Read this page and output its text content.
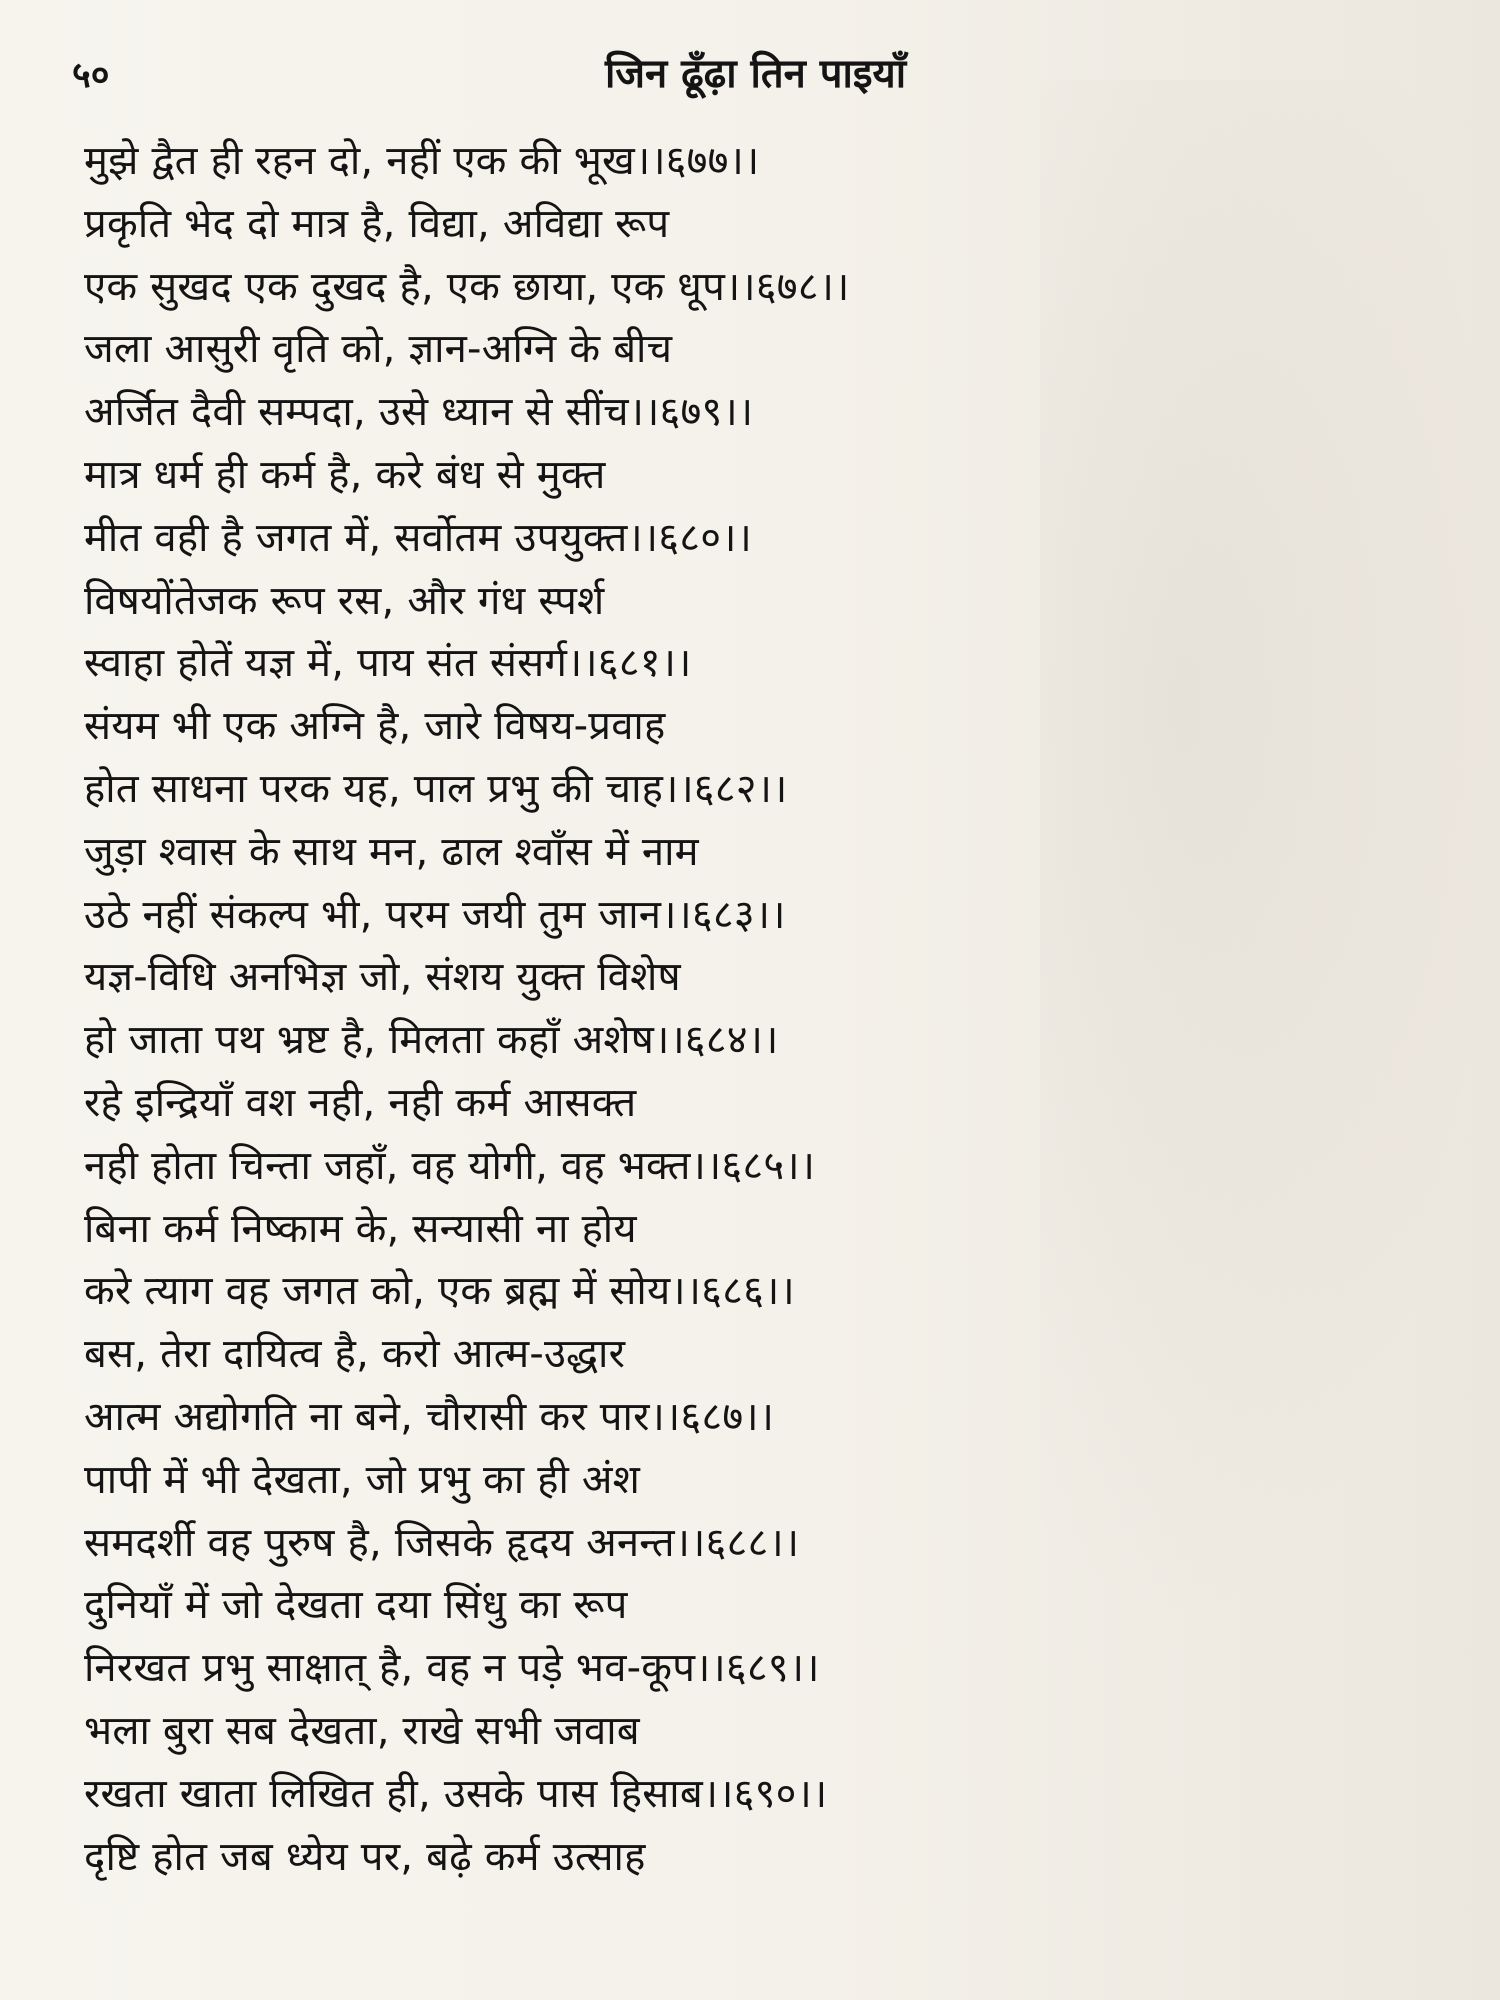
५०	जिन ढूँढ़ा तिन पाइयाँ
मुझे द्वैत ही रहन दो, नहीं एक की भूख।।६७७।।
प्रकृति भेद दो मात्र है, विद्या, अविद्या रूप
एक सुखद एक दुखद है, एक छाया, एक धूप।।६७८।।
जला आसुरी वृति को, ज्ञान-अग्नि के बीच
अर्जित दैवी सम्पदा, उसे ध्यान से सींच।।६७९।।
मात्र धर्म ही कर्म है, करे बंध से मुक्त
मीत वही है जगत में, सर्वोतम उपयुक्त।।६८०।।
विषयोंतेजक रूप रस, और गंध स्पर्श
स्वाहा होतें यज्ञ में, पाय संत संसर्ग।।६८१।।
संयम भी एक अग्नि है, जारे विषय-प्रवाह
होत साधना परक यह, पाल प्रभु की चाह।।६८२।।
जुड़ा श्वास के साथ मन, ढाल श्वाँस में नाम
उठे नहीं संकल्प भी, परम जयी तुम जान।।६८३।।
यज्ञ-विधि अनभिज्ञ जो, संशय युक्त विशेष
हो जाता पथ भ्रष्ट है, मिलता कहाँ अशेष।।६८४।।
रहे इन्द्रियाँ वश नही, नही कर्म आसक्त
नही होता चिन्ता जहाँ, वह योगी, वह भक्त।।६८५।।
बिना कर्म निष्काम के, सन्यासी ना होय
करे त्याग वह जगत को, एक ब्रह्म में सोय।।६८६।।
बस, तेरा दायित्व है, करो आत्म-उद्धार
आत्म अद्योगति ना बने, चौरासी कर पार।।६८७।।
पापी में भी देखता, जो प्रभु का ही अंश
समदर्शी वह पुरुष है, जिसके हृदय अनन्त।।६८८।।
दुनियाँ में जो देखता दया सिंधु का रूप
निरखत प्रभु साक्षात् है, वह न पड़े भव-कूप।।६८९।।
भला बुरा सब देखता, राखे सभी जवाब
रखता खाता लिखित ही, उसके पास हिसाब।।६९०।।
दृष्टि होत जब ध्येय पर, बढ़े कर्म उत्साह
